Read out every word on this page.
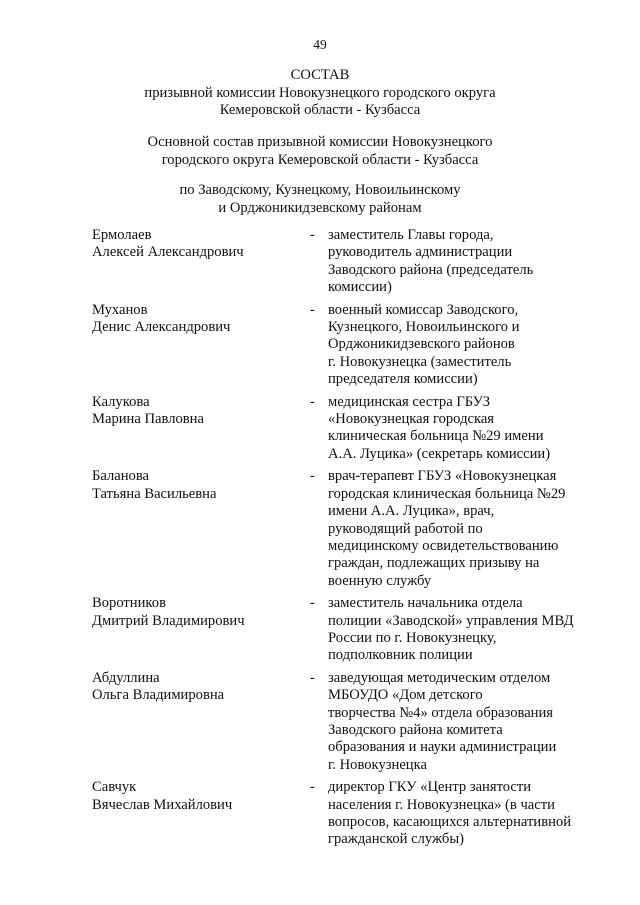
49
СОСТАВ
призывной комиссии Новокузнецкого городского округа
Кемеровской области - Кузбасса
Основной состав призывной комиссии Новокузнецкого
городского округа Кемеровской области - Кузбасса
по Заводскому, Кузнецкому, Новоильинскому
и Орджоникидзевскому районам
Ермолаев
Алексей Александрович
- заместитель Главы города,
руководитель администрации
Заводского района (председатель
комиссии)
Муханов
Денис Александрович
- военный комиссар Заводского,
Кузнецкого, Новоильинского и
Орджоникидзевского районов
г. Новокузнецка (заместитель
председателя комиссии)
Калукова
Марина Павловна
- медицинская сестра ГБУЗ
«Новокузнецкая городская
клиническая больница №29 имени
А.А. Луцика» (секретарь комиссии)
Баланова
Татьяна Васильевна
- врач-терапевт ГБУЗ «Новокузнецкая
городская клиническая больница №29
имени А.А. Луцика», врач,
руководящий работой по
медицинскому освидетельствованию
граждан, подлежащих призыву на
военную службу
Воротников
Дмитрий Владимирович
- заместитель начальника отдела
полиции «Заводской» управления МВД
России по г. Новокузнецку,
подполковник полиции
Абдуллина
Ольга Владимировна
- заведующая методическим отделом
МБОУДО «Дом детского
творчества №4» отдела образования
Заводского района комитета
образования и науки администрации
г. Новокузнецка
Савчук
Вячеслав Михайлович
- директор ГКУ «Центр занятости
населения г. Новокузнецка» (в части
вопросов, касающихся альтернативной
гражданской службы)
